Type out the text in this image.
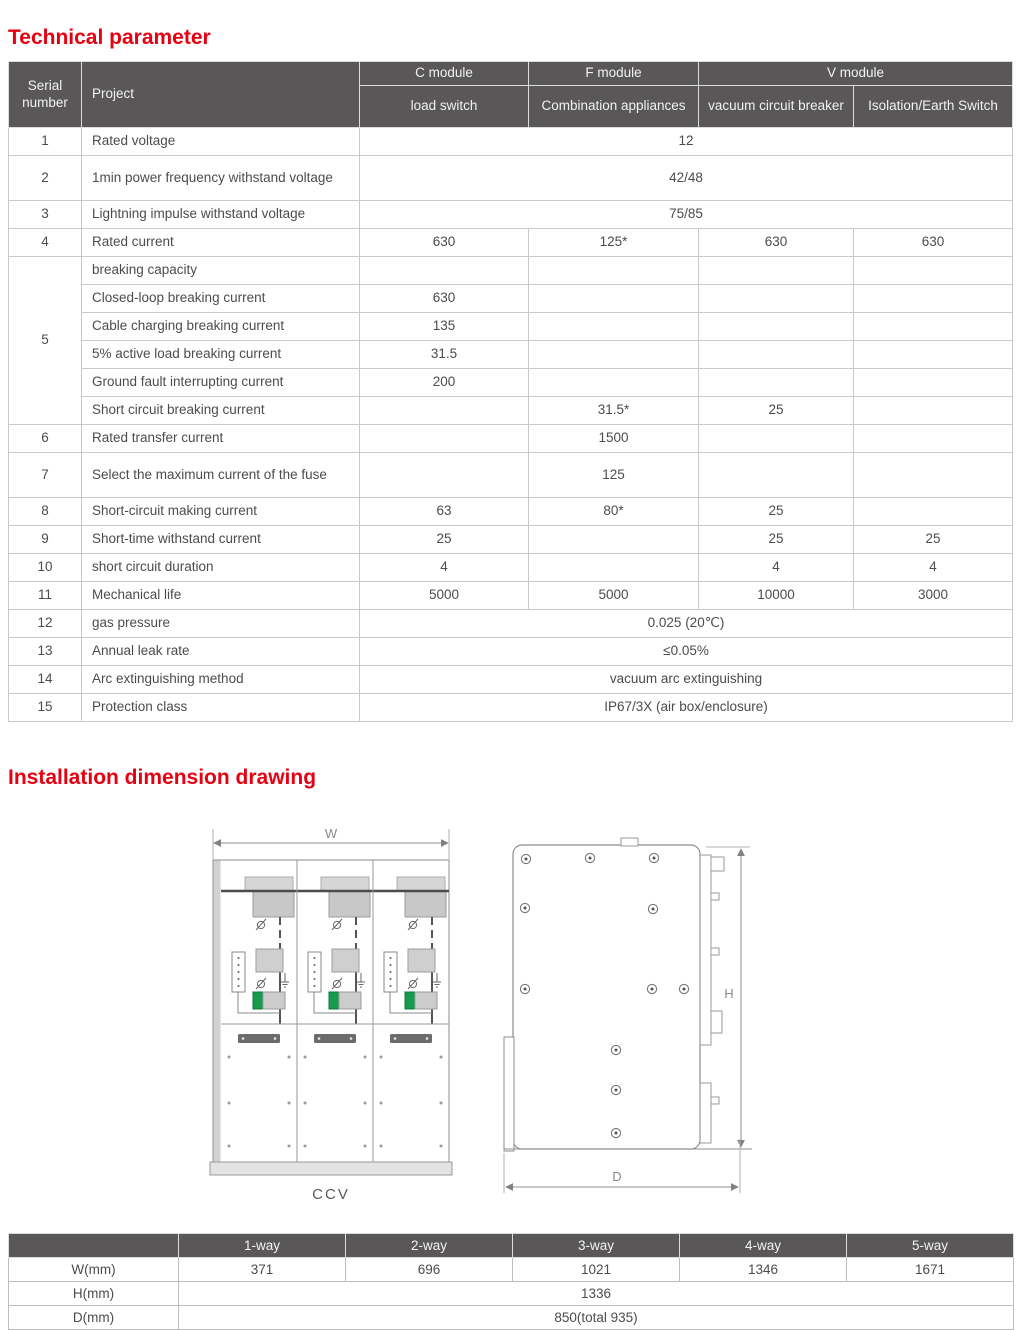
Technical parameter
Serial number	Project	C module	F module	V module	
		load switch	Combination appliances	vacuum circuit breaker	Isolation/Earth Switch
1	Rated voltage	12			
2	1min power frequency withstand voltage	42/48			
3	Lightning impulse withstand voltage	75/85			
4	Rated current	630	125*	630	630
5	breaking capacity				
	Closed-loop breaking current	630			
	Cable charging breaking current	135			
	5% active load breaking current	31.5			
	Ground fault interrupting current	200			
	Short circuit breaking current		31.5*	25	
6	Rated transfer current		1500		
7	Select the maximum current of the fuse		125		
8	Short-circuit making current	63	80*	25	
9	Short-time withstand current	25		25	25
10	short circuit duration	4		4	4
11	Mechanical life	5000	5000	10000	3000
12	gas pressure	0.025 (20℃)			
13	Annual leak rate	≤0.05%			
14	Arc extinguishing method	vacuum arc extinguishing			
15	Protection class	IP67/3X (air box/enclosure)			
Installation dimension drawing
W
CCV
H
D
	1-way	2-way	3-way	4-way	5-way
W(mm)	371	696	1021	1346	1671
H(mm)	1336				
D(mm)	850(total 935)				
